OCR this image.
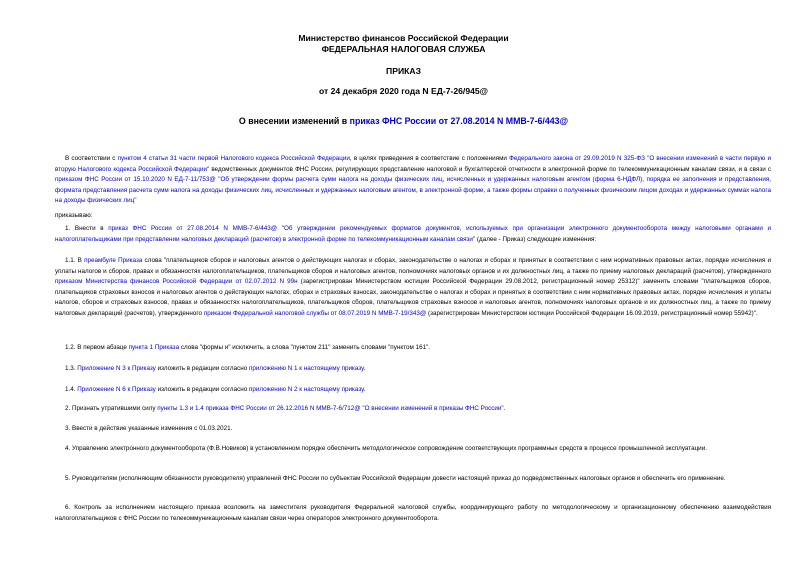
Министерство финансов Российской Федерации
ФЕДЕРАЛЬНАЯ НАЛОГОВАЯ СЛУЖБА
ПРИКАЗ
от 24 декабря 2020 года N ЕД-7-26/945@
О внесении изменений в приказ ФНС России от 27.08.2014 N ММВ-7-6/443@

В соответствии с пунктом 4 статьи 31 части первой Налогового кодекса Российской Федерации, в целях приведения в соответствие с положениями Федерального закона от 29.09.2019 N 325-ФЗ "О внесении изменений в части первую и вторую Налогового кодекса Российской Федерации" ведомственных документов ФНС России, регулирующих представление налоговой и бухгалтерской отчетности в электронной форме по телекоммуникационным каналам связи, и в связи с приказом ФНС России от 15.10.2020 N ЕД-7-11/753@ "Об утверждении формы расчета сумм налога на доходы физических лиц, исчисленных и удержанных налоговым агентом (форма 6-НДФЛ), порядка ее заполнения и представления, формата представления расчета сумм налога на доходы физических лиц, исчисленных и удержанных налоговым агентом, в электронной форме, а также формы справки о полученных физическим лицом доходах и удержанных суммах налога на доходы физических лиц"

приказываю:

1. Внести в приказ ФНС России от 27.08.2014 N ММВ-7-6/443@ "Об утверждении рекомендуемых форматов документов, используемых при организации электронного документооборота между налоговыми органами и налогоплательщиками при представлении налоговых деклараций (расчетов) в электронной форме по телекоммуникационным каналам связи" (далее - Приказ) следующие изменения:

1.1. В преамбуле Приказа слова "плательщиков сборов и налоговых агентов о действующих налогах и сборах, законодательстве о налогах и сборах и принятых в соответствии с ним нормативных правовых актах, порядке исчисления и уплаты налогов и сборов, правах и обязанностях налогоплательщиков, плательщиков сборов и налоговых агентов, полномочиях налоговых органов и их должностных лиц, а также по приему налоговых деклараций (расчетов), утвержденного приказом Министерства финансов Российской Федерации от 02.07.2012 N 99н (зарегистрирован Министерством юстиции Российской Федерации 29.08.2012, регистрационный номер 25312)" заменить словами "плательщиков сборов, плательщиков страховых взносов и налоговых агентов о действующих налогах, сборах и страховых взносах, законодательстве о налогах и сборах и принятых в соответствии с ним нормативных правовых актах, порядке исчисления и уплаты налогов, сборов и страховых взносов, правах и обязанностях налогоплательщиков, плательщиков сборов, плательщиков страховых взносов и налоговых агентов, полномочиях налоговых органов и их должностных лиц, а также по приему налоговых деклараций (расчетов), утвержденного приказом Федеральной налоговой службы от 08.07.2019 N ММВ-7-19/343@ (зарегистрирован Министерством юстиции Российской Федерации 16.09.2019, регистрационный номер 55942)".

1.2. В первом абзаце пункта 1 Приказа слова "формы и" исключить, а слова "пунктом 211" заменить словами "пунктом 161".

1.3. Приложение N 3 к Приказу изложить в редакции согласно приложению N 1 к настоящему приказу.

1.4. Приложение N 6 к Приказу изложить в редакции согласно приложению N 2 к настоящему приказу.

2. Признать утратившими силу пункты 1.3 и 1.4 приказа ФНС России от 26.12.2016 N ММВ-7-6/712@ "О внесении изменений в приказы ФНС России".

3. Ввести в действие указанные изменения с 01.03.2021.

4. Управлению электронного документооборота (Ф.В.Новиков) в установленном порядке обеспечить методологическое сопровождение соответствующих программных средств в процессе промышленной эксплуатации.

5. Руководителям (исполняющим обязанности руководителя) управлений ФНС России по субъектам Российской Федерации довести настоящий приказ до подведомственных налоговых органов и обеспечить его применение.

6. Контроль за исполнением настоящего приказа возложить на заместителя руководителя Федеральной налоговой службы, координирующего работу по методологическому и организационному обеспечению взаимодействия налогоплательщиков с ФНС России по телекоммуникационным каналам связи через операторов электронного документооборота.
